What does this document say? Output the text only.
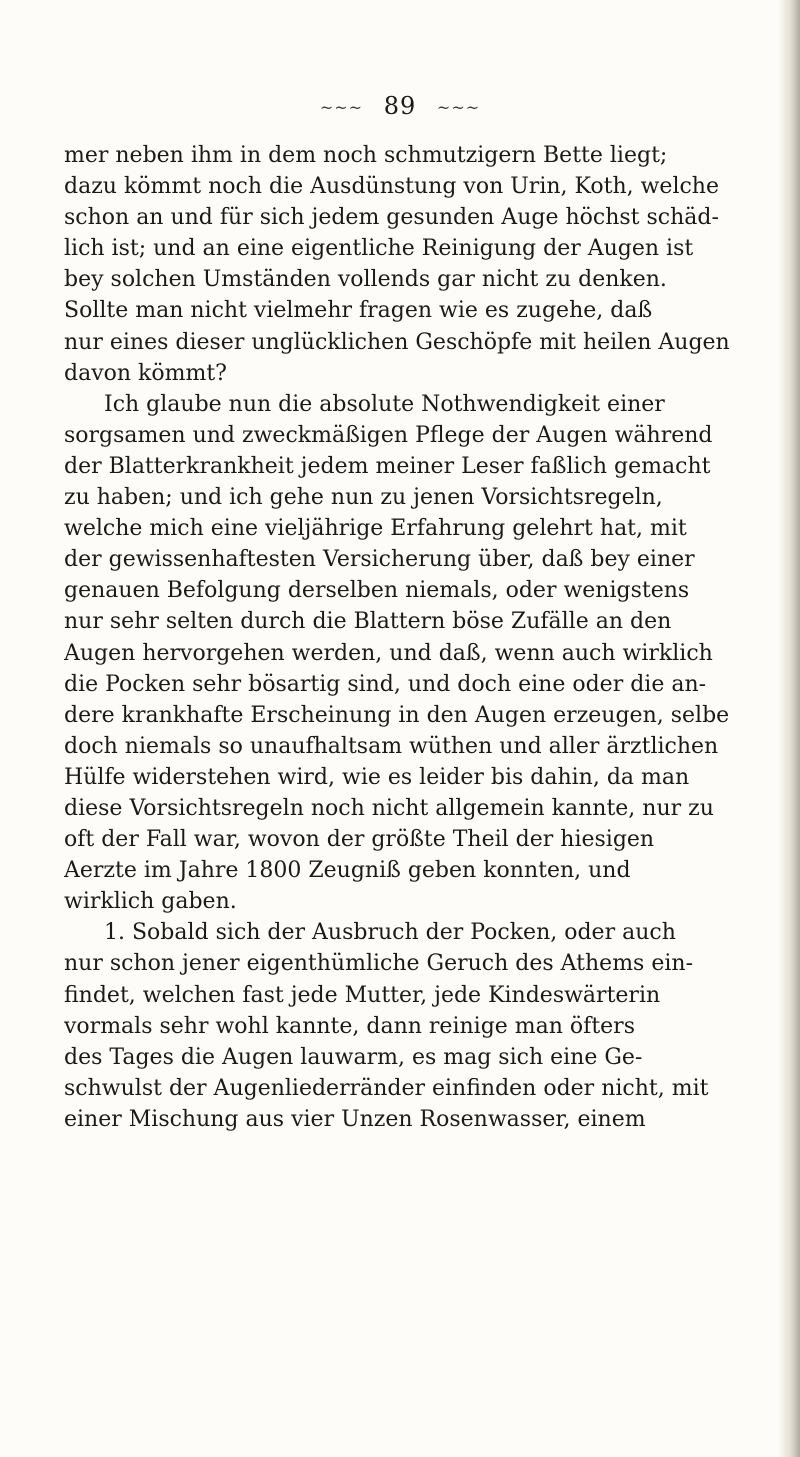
~~~ 89 ~~~
mer neben ihm in dem noch schmutzigern Bette liegt;
dazu kömmt noch die Ausdünstung von Urin, Koth, welche
schon an und für sich jedem gesunden Auge höchst schäd-
lich ist; und an eine eigentliche Reinigung der Augen ist
bey solchen Umständen vollends gar nicht zu denken.
Sollte man nicht vielmehr fragen wie es zugehe, daß
nur eines dieser unglücklichen Geschöpfe mit heilen Augen
davon kömmt?
Ich glaube nun die absolute Nothwendigkeit einer
sorgsamen und zweckmäßigen Pflege der Augen während
der Blatterkrankheit jedem meiner Leser faßlich gemacht
zu haben; und ich gehe nun zu jenen Vorsichtsregeln,
welche mich eine vieljährige Erfahrung gelehrt hat, mit
der gewissenhaftesten Versicherung über, daß bey einer
genauen Befolgung derselben niemals, oder wenigstens
nur sehr selten durch die Blattern böse Zufälle an den
Augen hervorgehen werden, und daß, wenn auch wirklich
die Pocken sehr bösartig sind, und doch eine oder die an-
dere krankhafte Erscheinung in den Augen erzeugen, selbe
doch niemals so unaufhaltsam wüthen und aller ärztlichen
Hülfe widerstehen wird, wie es leider bis dahin, da man
diese Vorsichtsregeln noch nicht allgemein kannte, nur zu
oft der Fall war, wovon der größte Theil der hiesigen
Aerzte im Jahre 1800 Zeugniß geben konnten, und
wirklich gaben.
1. Sobald sich der Ausbruch der Pocken, oder auch
nur schon jener eigenthümliche Geruch des Athems ein-
findet, welchen fast jede Mutter, jede Kindeswärterin
vormals sehr wohl kannte, dann reinige man öfters
des Tages die Augen lauwarm, es mag sich eine Ge-
schwulst der Augenliederränder einfinden oder nicht, mit
einer Mischung aus vier Unzen Rosenwasser, einem
